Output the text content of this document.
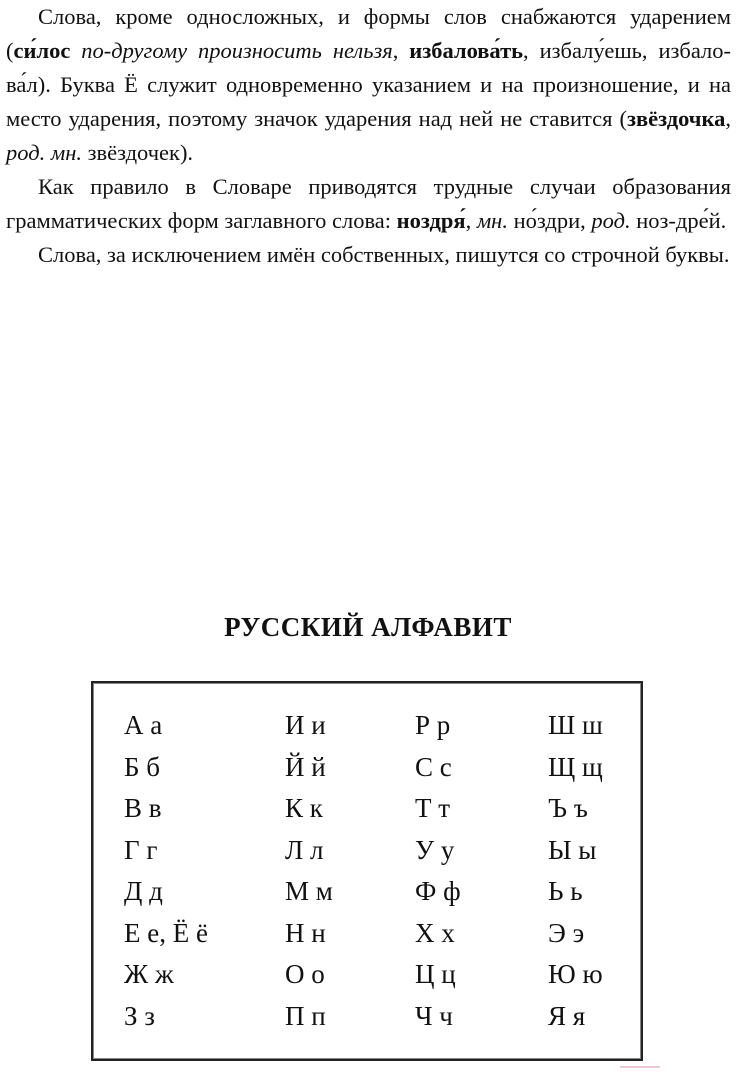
Слова, кроме односложных, и формы слов снабжаются ударением (си́лос по-другому произносить нельзя, избалова́ть, избалу́ешь, избало-ва́л). Буква Ё служит одновременно указанием и на произношение, и на место ударения, поэтому значок ударения над ней не ставится (звёздочка, род. мн. звёздочек).

Как правило в Словаре приводятся трудные случаи образования грамматических форм заглавного слова: ноздря́, мн. но́здри, род. ноз-дре́й.

Слова, за исключением имён собственных, пишутся со строчной буквы.

РУССКИЙ АЛФАВИТ
А а
Б б
В в
Г г
Д д
Е е, Ё ё
Ж ж
З з
И и
Й й
К к
Л л
М м
Н н
О о
П п
Р р
С с
Т т
У у
Ф ф
Х х
Ц ц
Ч ч
Ш ш
Щ щ
Ъ ъ
Ы ы
Ь ь
Э э
Ю ю
Я я
